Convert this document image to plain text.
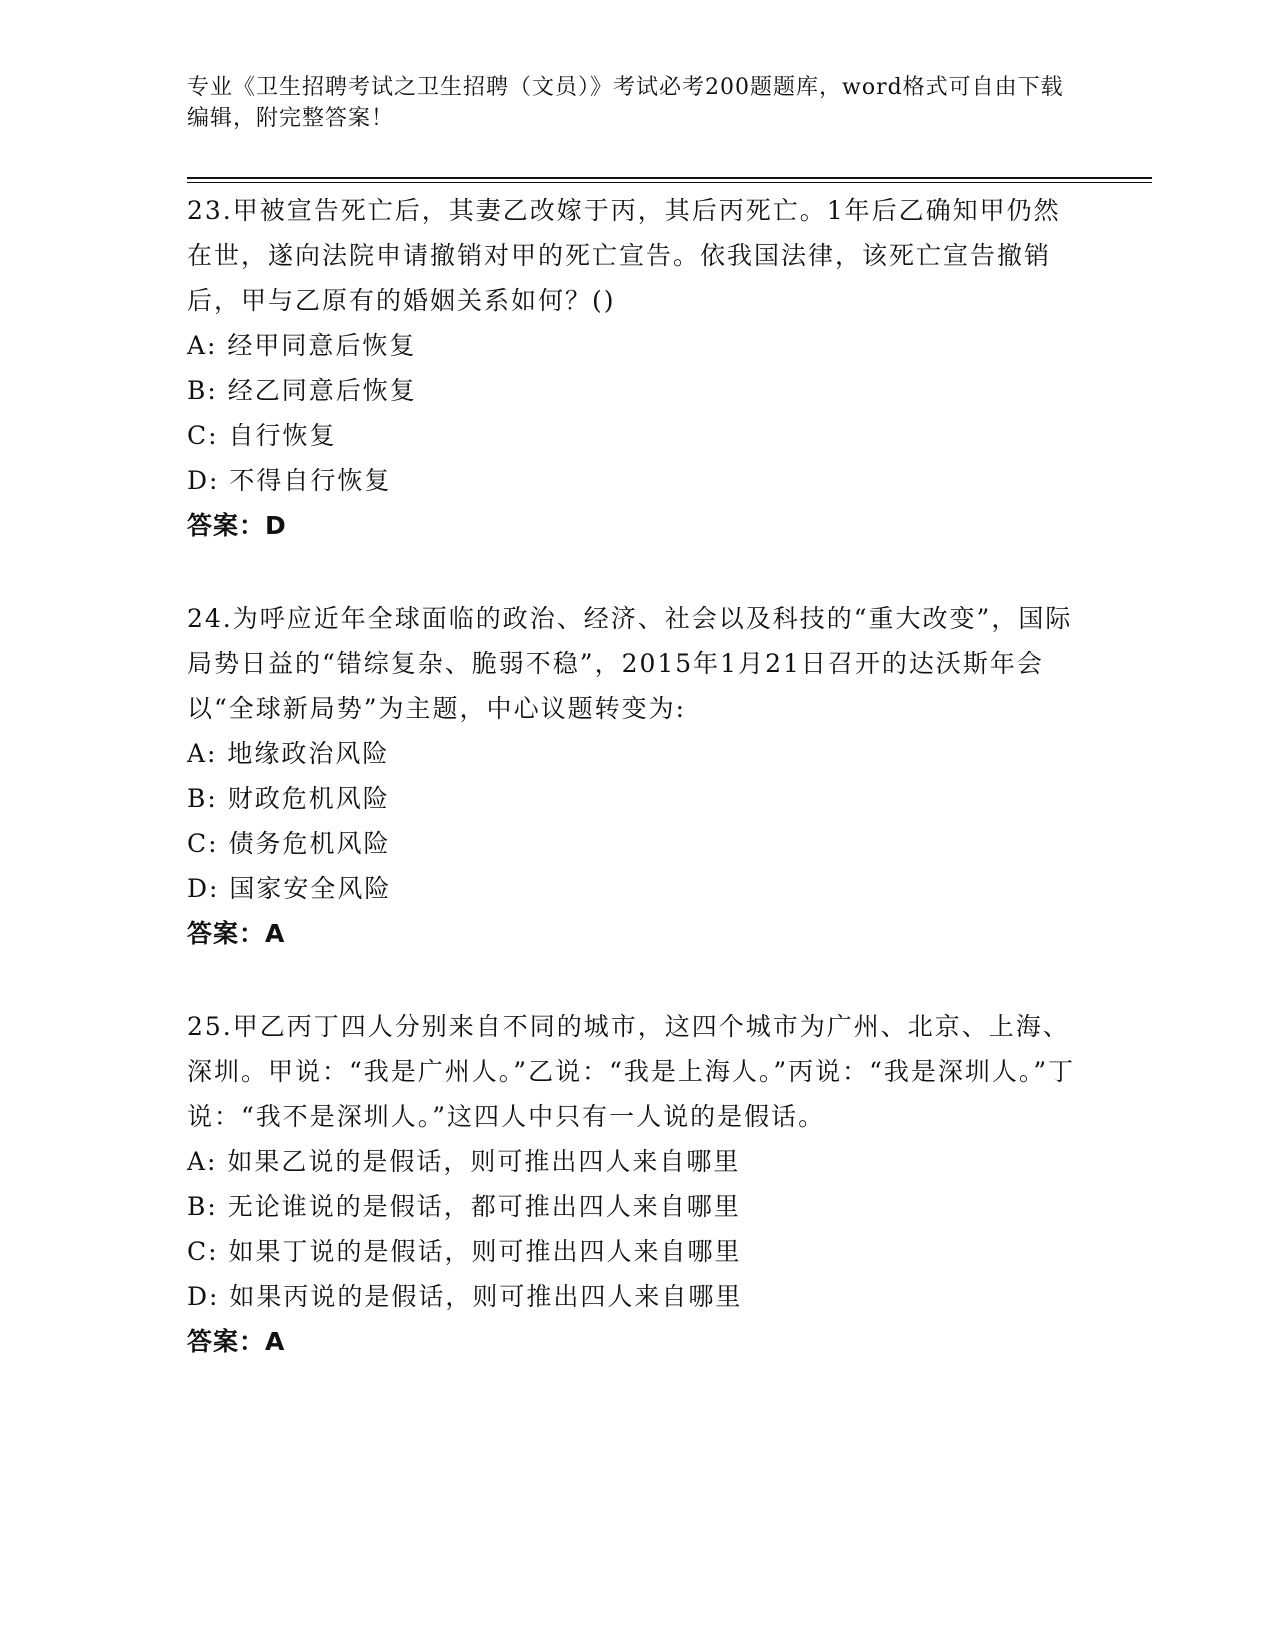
专业《卫生招聘考试之卫生招聘（文员）》考试必考200题题库，word格式可自由下载编辑，附完整答案！
23.甲被宣告死亡后，其妻乙改嫁于丙，其后丙死亡。1年后乙确知甲仍然在世，遂向法院申请撤销对甲的死亡宣告。依我国法律，该死亡宣告撤销后，甲与乙原有的婚姻关系如何？()
A: 经甲同意后恢复
B: 经乙同意后恢复
C: 自行恢复
D: 不得自行恢复
答案：D
24.为呼应近年全球面临的政治、经济、社会以及科技的“重大改变”，国际局势日益的“错综复杂、脆弱不稳”，2015年1月21日召开的达沃斯年会以“全球新局势”为主题，中心议题转变为:
A: 地缘政治风险
B: 财政危机风险
C: 债务危机风险
D: 国家安全风险
答案：A
25.甲乙丙丁四人分别来自不同的城市，这四个城市为广州、北京、上海、深圳。甲说：“我是广州人。”乙说：“我是上海人。”丙说：“我是深圳人。”丁说：“我不是深圳人。”这四人中只有一人说的是假话。
A: 如果乙说的是假话，则可推出四人来自哪里
B: 无论谁说的是假话，都可推出四人来自哪里
C: 如果丁说的是假话，则可推出四人来自哪里
D: 如果丙说的是假话，则可推出四人来自哪里
答案：A
